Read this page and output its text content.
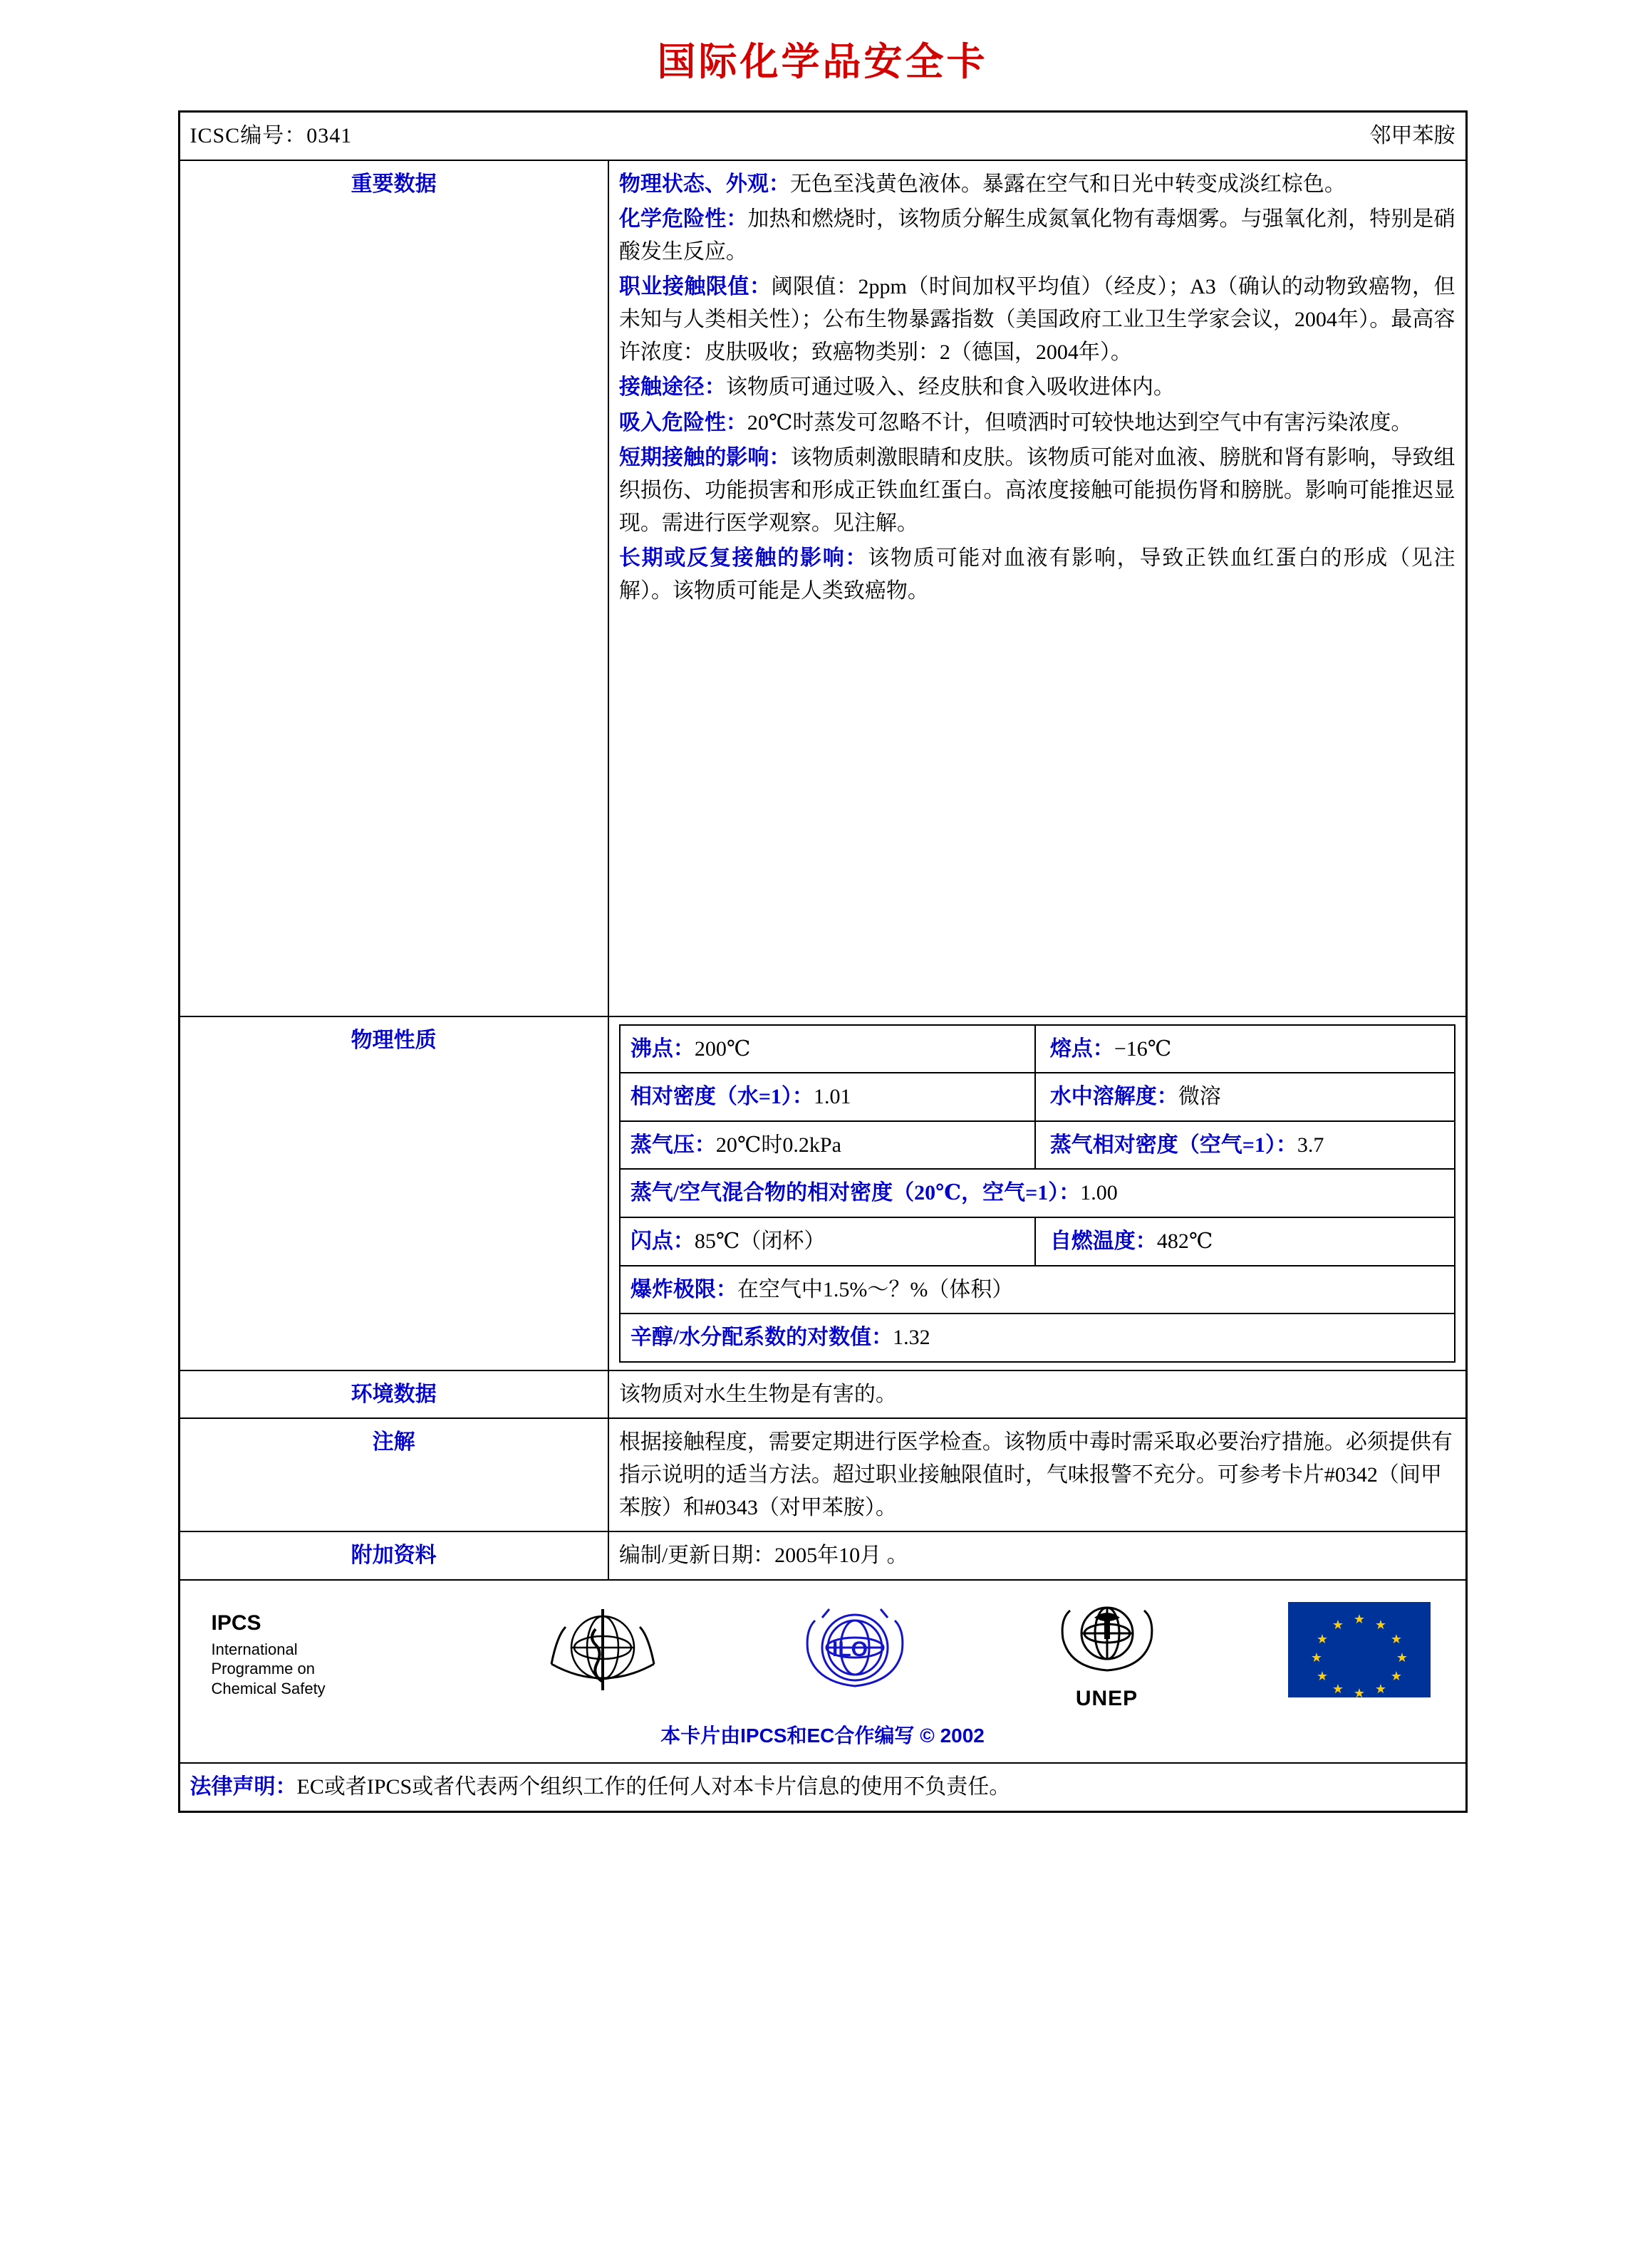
国际化学品安全卡
ICSC编号：0341	邻甲苯胺
重要数据	物理状态、外观：无色至浅黄色液体。暴露在空气和日光中转变成淡红棕色。

化学危险性：加热和燃烧时，该物质分解生成氮氧化物有毒烟雾。与强氧化剂，特别是硝酸发生反应。

职业接触限值：阈限值：2ppm（时间加权平均值）（经皮）；A3（确认的动物致癌物，但未知与人类相关性）；公布生物暴露指数（美国政府工业卫生学家会议，2004年）。最高容许浓度：皮肤吸收；致癌物类别：2（德国，2004年）。

接触途径：该物质可通过吸入、经皮肤和食入吸收进体内。

吸入危险性：20℃时蒸发可忽略不计，但喷洒时可较快地达到空气中有害污染浓度。

短期接触的影响：该物质刺激眼睛和皮肤。该物质可能对血液、膀胱和肾有影响，导致组织损伤、功能损害和形成正铁血红蛋白。高浓度接触可能损伤肾和膀胱。影响可能推迟显现。需进行医学观察。见注解。

长期或反复接触的影响：该物质可能对血液有影响，导致正铁血红蛋白的形成（见注解）。该物质可能是人类致癌物。

物理性质		沸点：200℃	熔点：−16℃
相对密度（水=1）：1.01	水中溶解度：微溶
蒸气压：20℃时0.2kPa	蒸气相对密度（空气=1）：3.7
蒸气/空气混合物的相对密度（20℃，空气=1）：1.00
闪点：85℃（闭杯）	自燃温度：482℃
爆炸极限：在空气中1.5%～？%（体积）
辛醇/水分配系数的对数值：1.32

环境数据	该物质对水生生物是有害的。
注解	根据接触程度，需要定期进行医学检查。该物质中毒时需采取必要治疗措施。必须提供有指示说明的适当方法。超过职业接触限值时，气味报警不充分。可参考卡片#0342（间甲苯胺）和#0343（对甲苯胺）。
附加资料	编制/更新日期：2005年10月 。

IPCS
International
Programme on
Chemical Safety
ILO
UNEP
★ ★
★
★
★
★
★
★
★
★
★
★
本卡片由IPCS和EC合作编写 © 2002

法律声明：EC或者IPCS或者代表两个组织工作的任何人对本卡片信息的使用不负责任。
